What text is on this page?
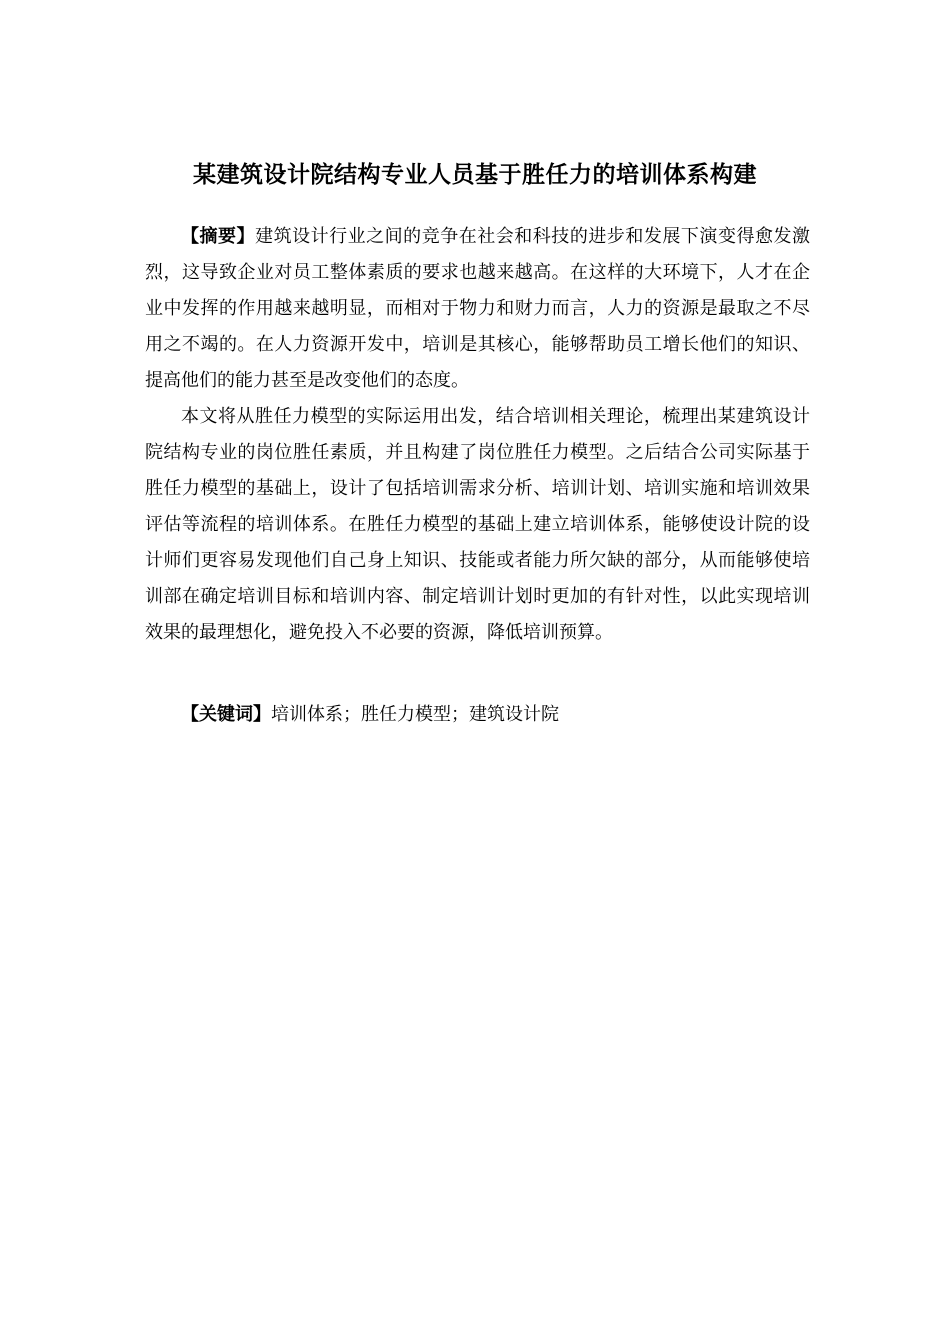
某建筑设计院结构专业人员基于胜任力的培训体系构建

【摘要】建筑设计行业之间的竞争在社会和科技的进步和发展下演变得愈发激烈，这导致企业对员工整体素质的要求也越来越高。在这样的大环境下，人才在企业中发挥的作用越来越明显，而相对于物力和财力而言，人力的资源是最取之不尽用之不竭的。在人力资源开发中，培训是其核心，能够帮助员工增长他们的知识、提高他们的能力甚至是改变他们的态度。

本文将从胜任力模型的实际运用出发，结合培训相关理论，梳理出某建筑设计院结构专业的岗位胜任素质，并且构建了岗位胜任力模型。之后结合公司实际基于胜任力模型的基础上，设计了包括培训需求分析、培训计划、培训实施和培训效果评估等流程的培训体系。在胜任力模型的基础上建立培训体系，能够使设计院的设计师们更容易发现他们自己身上知识、技能或者能力所欠缺的部分，从而能够使培训部在确定培训目标和培训内容、制定培训计划时更加的有针对性，以此实现培训效果的最理想化，避免投入不必要的资源，降低培训预算。

【关键词】培训体系；胜任力模型；建筑设计院
